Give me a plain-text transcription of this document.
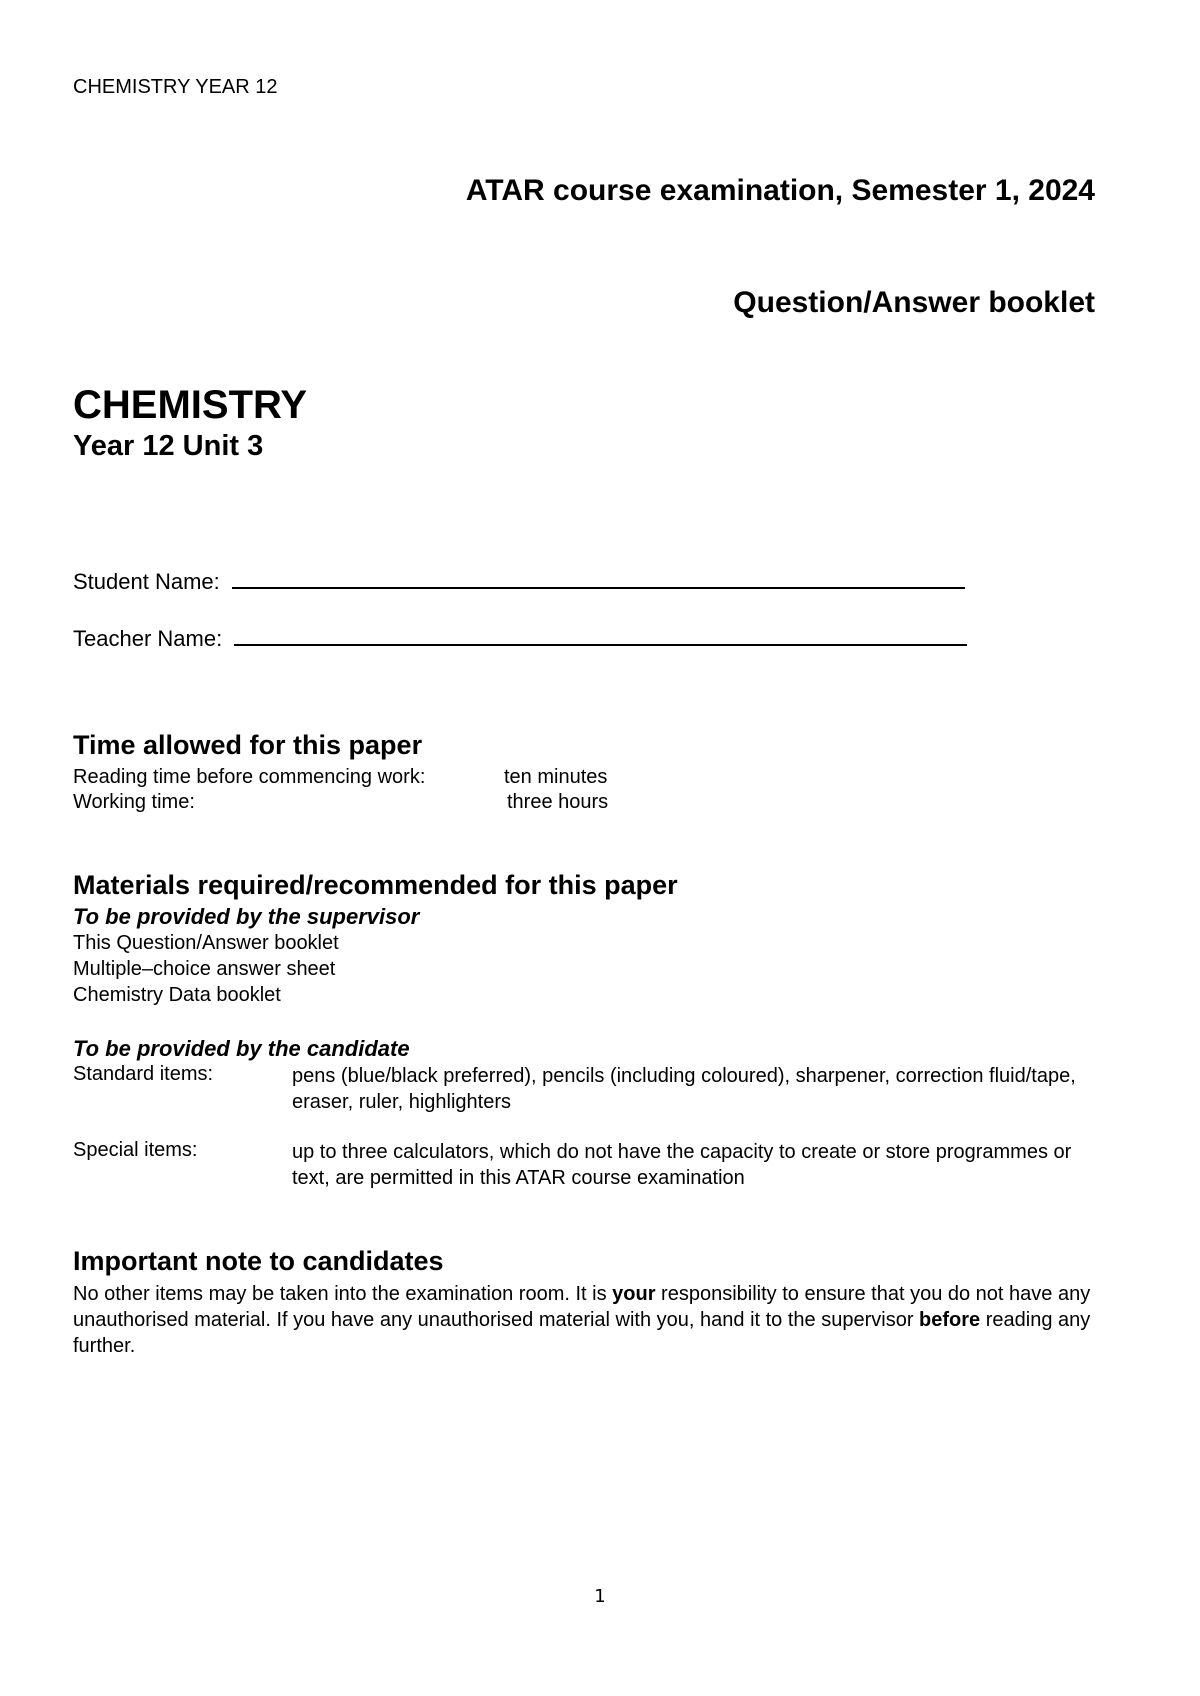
CHEMISTRY YEAR 12
ATAR course examination, Semester 1, 2024
Question/Answer booklet
CHEMISTRY
Year 12 Unit 3
Student Name:
Teacher Name:
Time allowed for this paper
Reading time before commencing work:	ten minutes
Working time:	three hours
Materials required/recommended for this paper
To be provided by the supervisor
This Question/Answer booklet
Multiple–choice answer sheet
Chemistry Data booklet
To be provided by the candidate
Standard items:	pens (blue/black preferred), pencils (including coloured), sharpener, correction fluid/tape, eraser, ruler, highlighters
Special items:	up to three calculators, which do not have the capacity to create or store programmes or text, are permitted in this ATAR course examination
Important note to candidates
No other items may be taken into the examination room. It is your responsibility to ensure that you do not have any unauthorised material. If you have any unauthorised material with you, hand it to the supervisor before reading any further.
1
